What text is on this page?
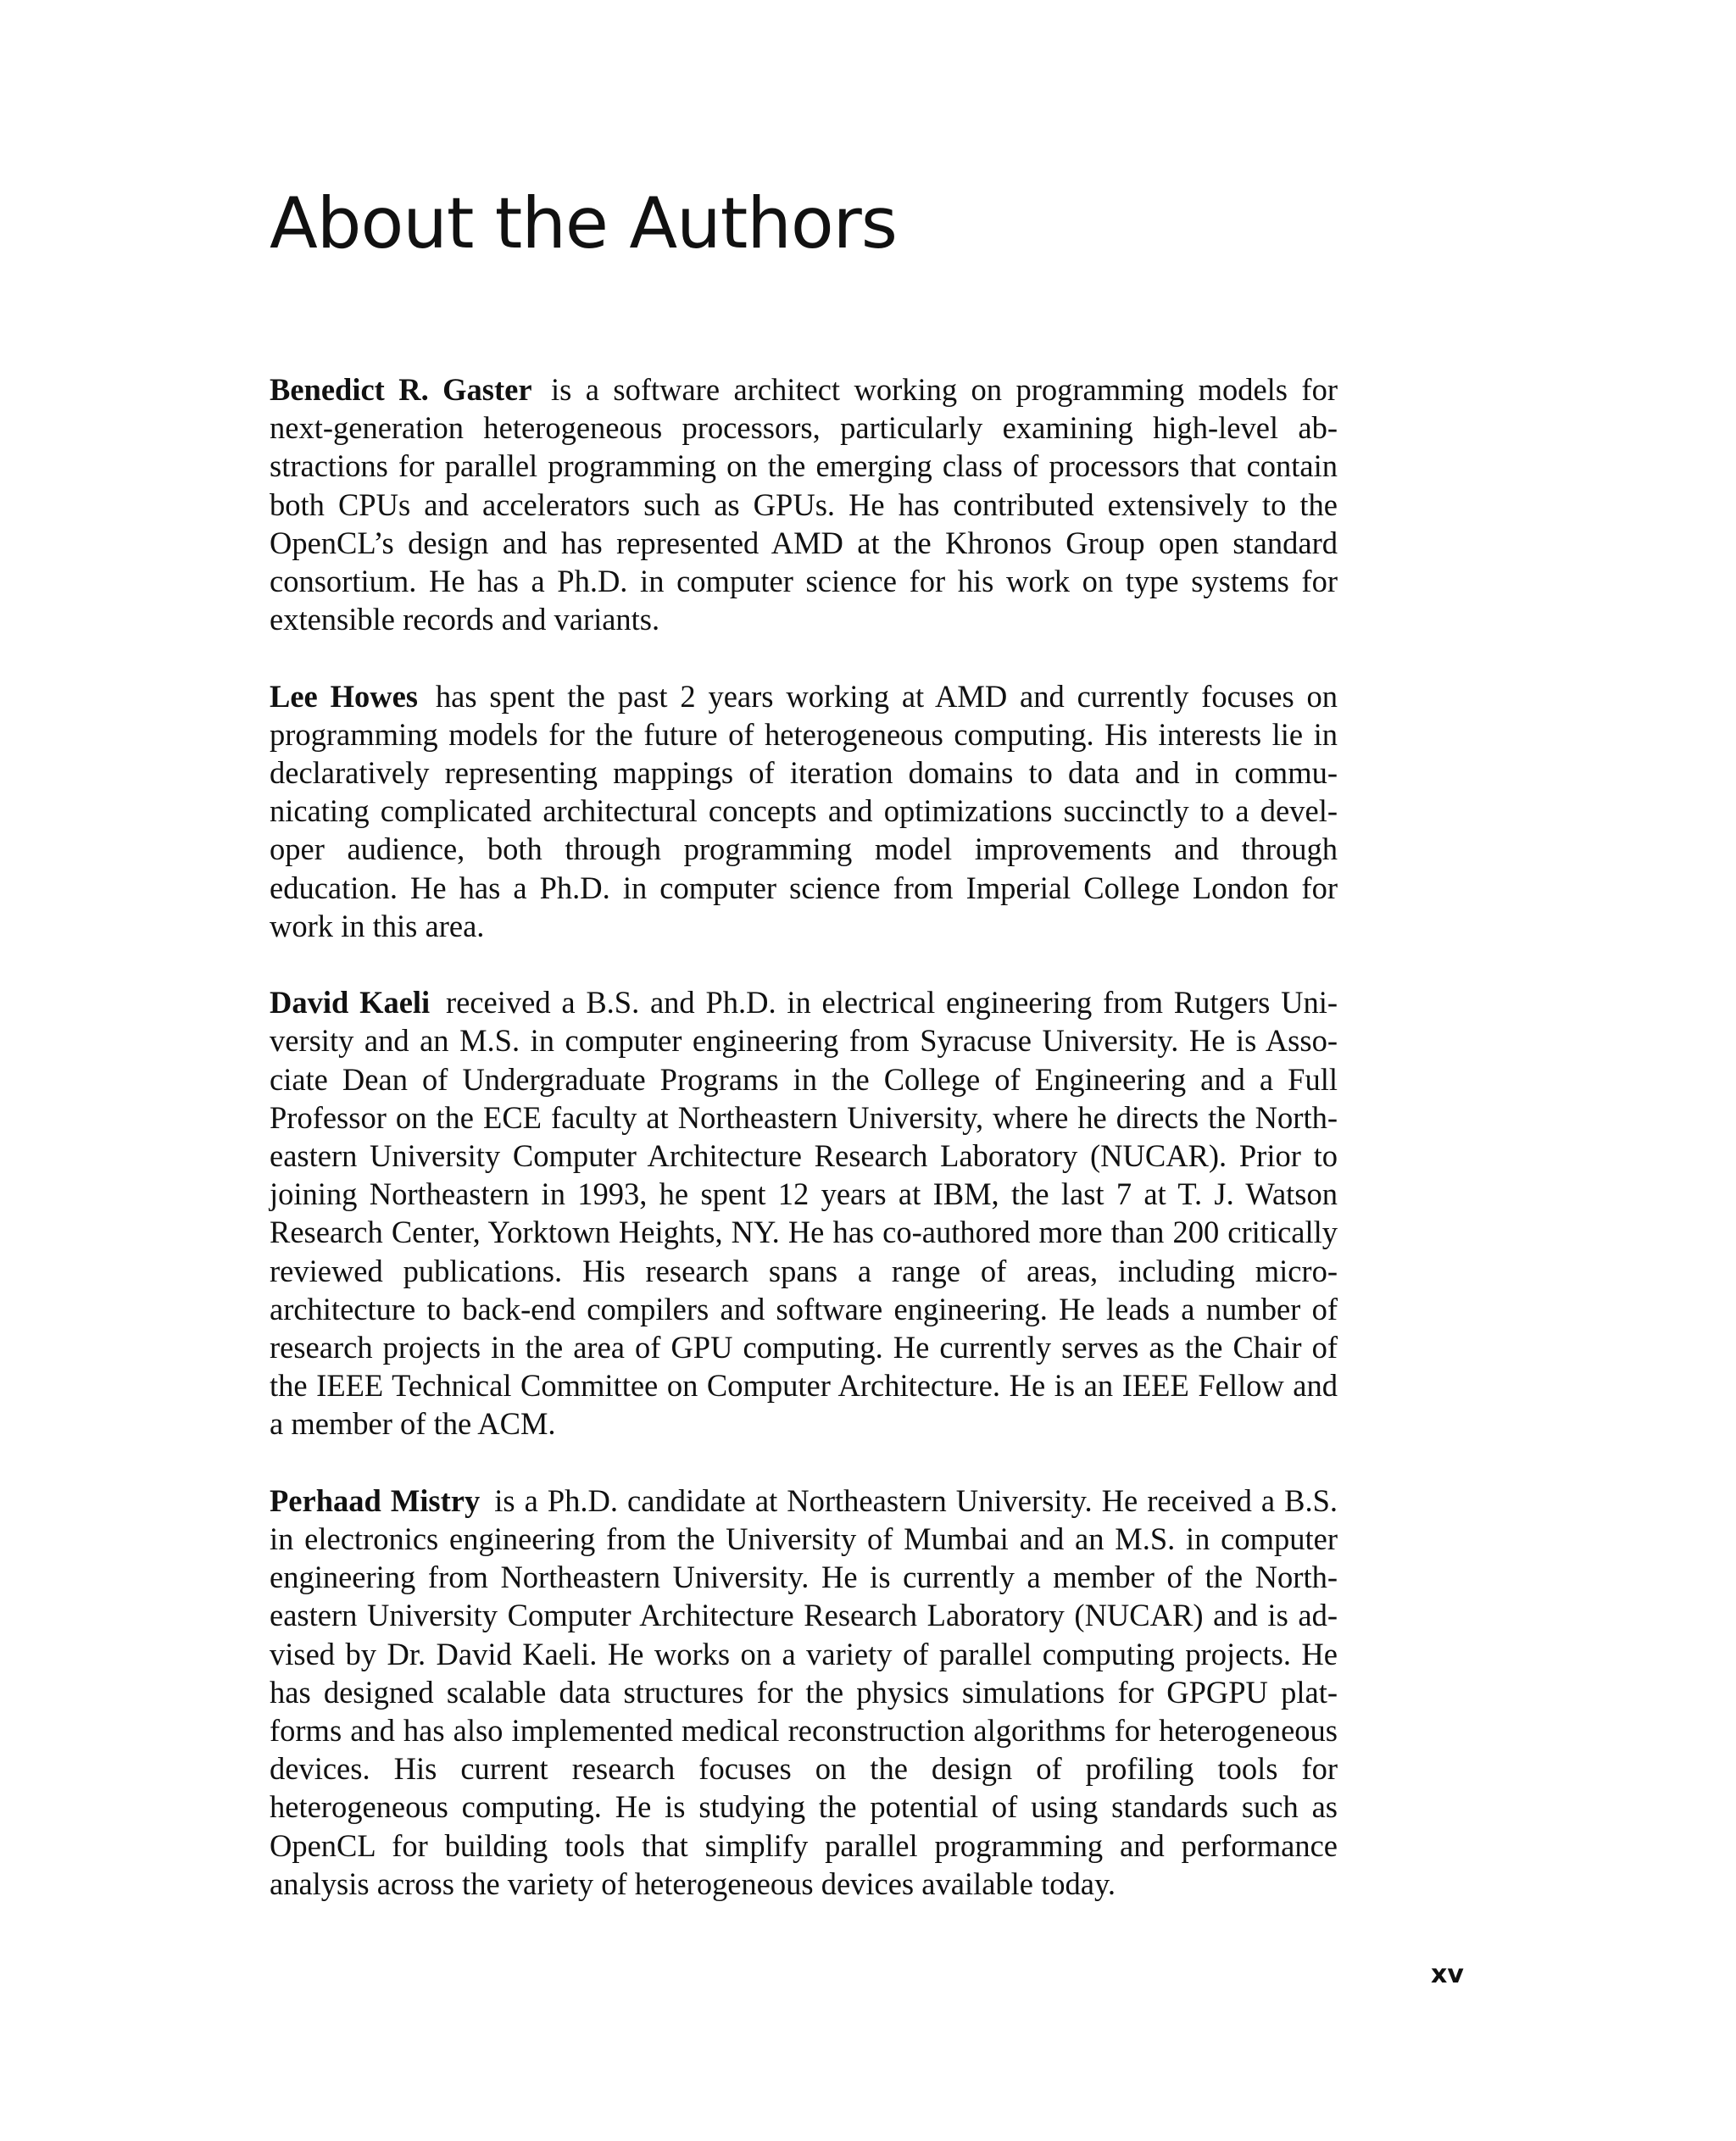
About the Authors

Benedict R. Gaster is a software architect working on programming models for next-generation heterogeneous processors, particularly examining high-level abstractions for parallel programming on the emerging class of processors that contain both CPUs and accelerators such as GPUs. He has contributed extensively to the OpenCL’s design and has represented AMD at the Khronos Group open standard consortium. He has a Ph.D. in computer science for his work on type systems for extensible records and variants.

Lee Howes has spent the past 2 years working at AMD and currently focuses on programming models for the future of heterogeneous computing. His interests lie in declaratively representing mappings of iteration domains to data and in communicating complicated architectural concepts and optimizations succinctly to a developer audience, both through programming model improvements and through education. He has a Ph.D. in computer science from Imperial College London for work in this area.

David Kaeli received a B.S. and Ph.D. in electrical engineering from Rutgers University and an M.S. in computer engineering from Syracuse University. He is Associate Dean of Undergraduate Programs in the College of Engineering and a Full Professor on the ECE faculty at Northeastern University, where he directs the Northeastern University Computer Architecture Research Laboratory (NUCAR). Prior to joining Northeastern in 1993, he spent 12 years at IBM, the last 7 at T. J. Watson Research Center, Yorktown Heights, NY. He has co-authored more than 200 critically reviewed publications. His research spans a range of areas, including microarchitecture to back-end compilers and software engineering. He leads a number of research projects in the area of GPU computing. He currently serves as the Chair of the IEEE Technical Committee on Computer Architecture. He is an IEEE Fellow and a member of the ACM.

Perhaad Mistry is a Ph.D. candidate at Northeastern University. He received a B.S. in electronics engineering from the University of Mumbai and an M.S. in computer engineering from Northeastern University. He is currently a member of the Northeastern University Computer Architecture Research Laboratory (NUCAR) and is advised by Dr. David Kaeli. He works on a variety of parallel computing projects. He has designed scalable data structures for the physics simulations for GPGPU platforms and has also implemented medical reconstruction algorithms for heterogeneous devices. His current research focuses on the design of profiling tools for heterogeneous computing. He is studying the potential of using standards such as OpenCL for building tools that simplify parallel programming and performance analysis across the variety of heterogeneous devices available today.

xv
